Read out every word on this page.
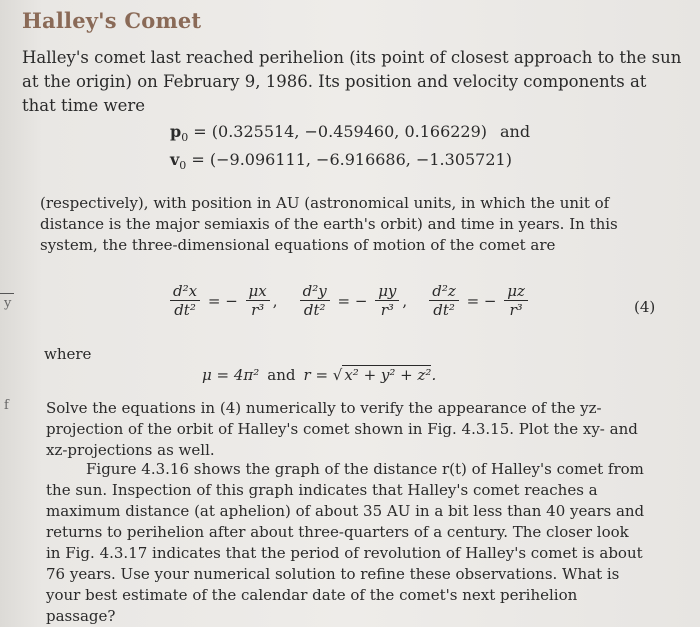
y
f
Halley's Comet
Halley's comet last reached perihelion (its point of closest approach to the sun at the origin) on February 9, 1986. Its position and velocity components at that time were
$p_0 = (0.325514$, −0.459460, 0.166229) and
$v_0 = (-9.096111$, −6.916686, −1.305721)
(respectively), with position in AU (astronomical units, in which the unit of distance is the major semiaxis of the earth's orbit) and time in years. In this system, the three-dimensional equations of motion of the comet are
$\frac{\text{d²x}}{\text{dt²}}$ = − $\frac{\mu x}{\text{r³}}$ , $\frac{\text{d²y}}{\text{dt²}}$ = − $\frac{\mu y}{\text{r³}}$ , $\frac{\text{d²z}}{\text{dt²}}$ = − $\frac{\mu z}{\text{r³}}$	(4)
where
μ = 4π² and r = √ x² + y² + z².
Solve the equations in (4) numerically to verify the appearance of the yz-projection of the orbit of Halley's comet shown in Fig. 4.3.15. Plot the xy- and xz-projections as well.
Figure 4.3.16 shows the graph of the distance r(t) of Halley's comet from the sun. Inspection of this graph indicates that Halley's comet reaches a maximum distance (at aphelion) of about 35 AU in a bit less than 40 years and returns to perihelion after about three-quarters of a century. The closer look in Fig. 4.3.17 indicates that the period of revolution of Halley's comet is about 76 years. Use your numerical solution to refine these observations. What is your best estimate of the calendar date of the comet's next perihelion passage?
